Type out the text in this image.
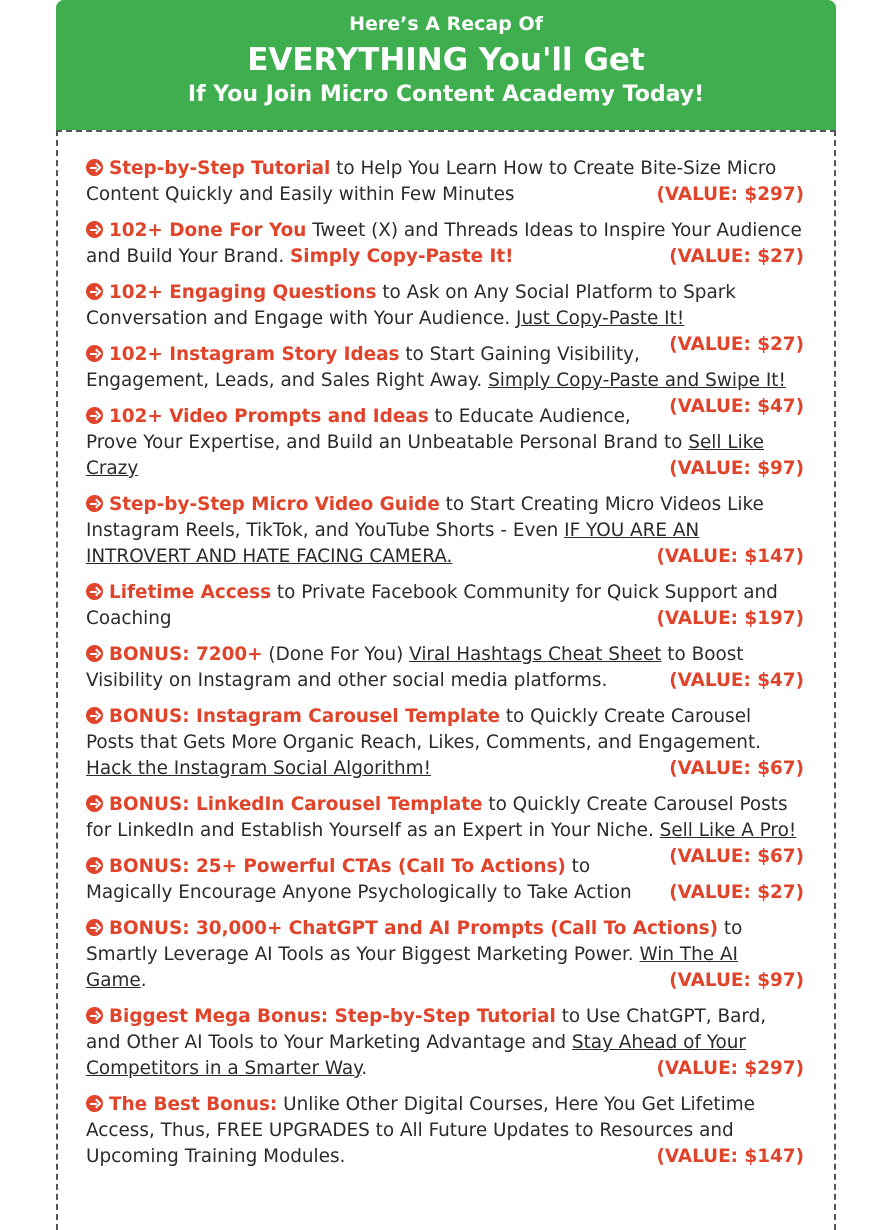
Here’s A Recap Of
EVERYTHING You'll Get
If You Join Micro Content Academy Today!
Step-by-Step Tutorial to Help You Learn How to Create Bite-Size Micro Content Quickly and Easily within Few Minutes	(VALUE: $297)
102+ Done For You Tweet (X) and Threads Ideas to Inspire Your Audience and Build Your Brand. Simply Copy-Paste It!	(VALUE: $27)
102+ Engaging Questions to Ask on Any Social Platform to Spark Conversation and Engage with Your Audience. Just Copy-Paste It!
(VALUE: $27)
102+ Instagram Story Ideas to Start Gaining Visibility, Engagement, Leads, and Sales Right Away. Simply Copy-Paste and Swipe It!
(VALUE: $47)
102+ Video Prompts and Ideas to Educate Audience, Prove Your Expertise, and Build an Unbeatable Personal Brand to Sell Like Crazy	(VALUE: $97)
Step-by-Step Micro Video Guide to Start Creating Micro Videos Like Instagram Reels, TikTok, and YouTube Shorts - Even IF YOU ARE AN INTROVERT AND HATE FACING CAMERA.	(VALUE: $147)
Lifetime Access to Private Facebook Community for Quick Support and Coaching	(VALUE: $197)
BONUS: 7200+ (Done For You) Viral Hashtags Cheat Sheet to Boost Visibility on Instagram and other social media platforms.	(VALUE: $47)
BONUS: Instagram Carousel Template to Quickly Create Carousel Posts that Gets More Organic Reach, Likes, Comments, and Engagement. Hack the Instagram Social Algorithm!	(VALUE: $67)
BONUS: LinkedIn Carousel Template to Quickly Create Carousel Posts for LinkedIn and Establish Yourself as an Expert in Your Niche. Sell Like A Pro!
(VALUE: $67)
BONUS: 25+ Powerful CTAs (Call To Actions) to Magically Encourage Anyone Psychologically to Take Action (VALUE: $27)
BONUS: 30,000+ ChatGPT and AI Prompts (Call To Actions) to Smartly Leverage AI Tools as Your Biggest Marketing Power. Win The AI Game.	(VALUE: $97)
Biggest Mega Bonus: Step-by-Step Tutorial to Use ChatGPT, Bard, and Other AI Tools to Your Marketing Advantage and Stay Ahead of Your Competitors in a Smarter Way.	(VALUE: $297)
The Best Bonus: Unlike Other Digital Courses, Here You Get Lifetime Access, Thus, FREE UPGRADES to All Future Updates to Resources and Upcoming Training Modules.	(VALUE: $147)
